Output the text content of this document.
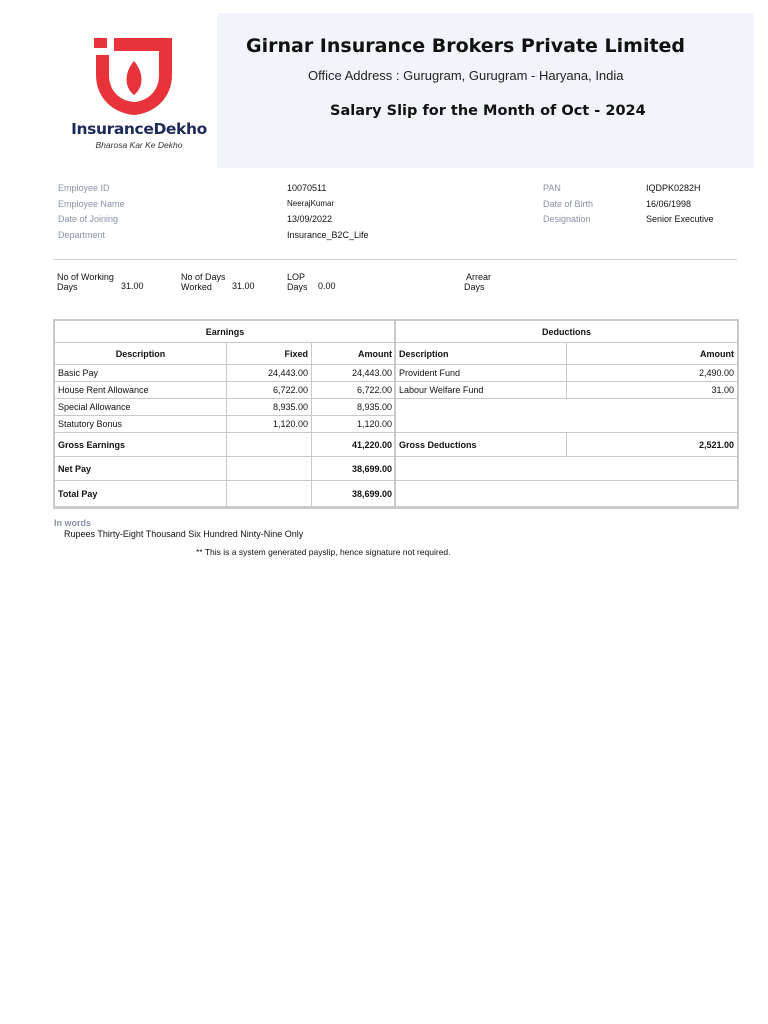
InsuranceDekho
Bharosa Kar Ke Dekho
Girnar Insurance Brokers Private Limited
Office Address : Gurugram, Gurugram - Haryana, India
Salary Slip for the Month of Oct - 2024
Employee ID	10070511
Employee Name	NeerajKumar
Date of Joining	13/09/2022
Department	Insurance_B2C_Life
PAN	IQDPK0282H
Date of Birth	16/06/1998
Designation	Senior Executive
No of Working
Days	31.00
No of Days
Worked	31.00
LOP
Days 0.00
Arrear
Days
Earnings		
Description	Fixed	Amount
Basic Pay	24,443.00	24,443.00
House Rent Allowance	6,722.00	6,722.00
Special Allowance	8,935.00	8,935.00
Statutory Bonus	1,120.00	1,120.00
Gross Earnings		41,220.00
Net Pay		38,699.00
Total Pay		38,699.00
Deductions	
Description	Amount
Provident Fund	2,490.00
Labour Welfare Fund	31.00

Gross Deductions	2,521.00

In words
Rupees Thirty-Eight Thousand Six Hundred Ninty-Nine Only
** This is a system generated payslip, hence signature not required.
